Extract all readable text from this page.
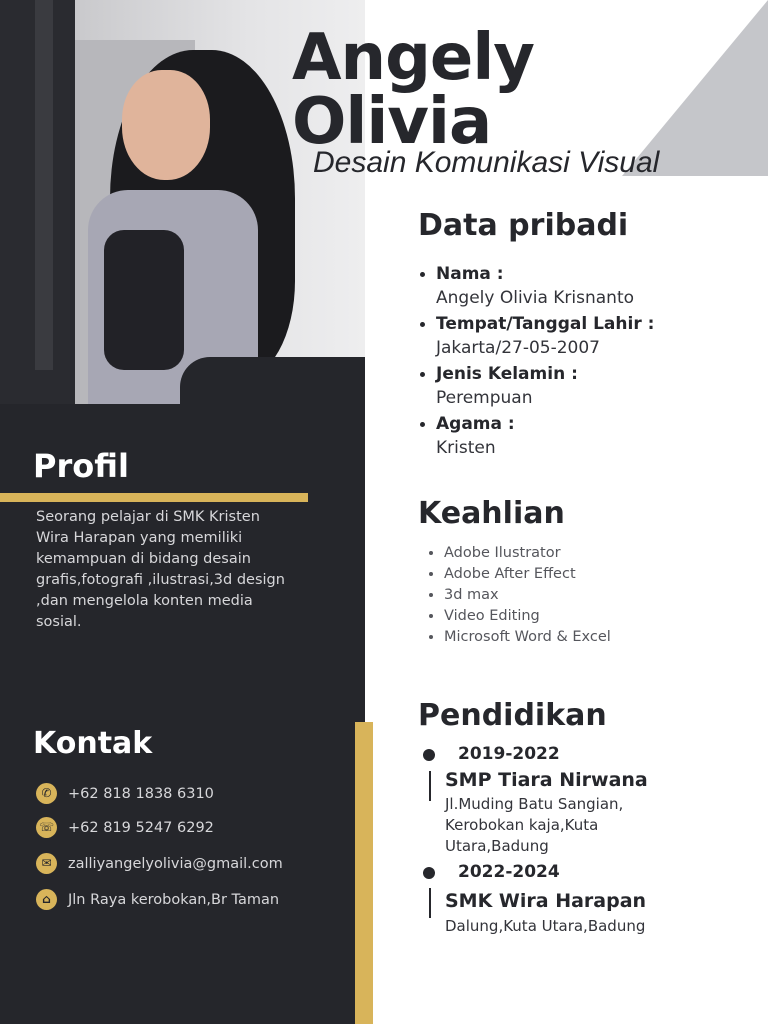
Angely
Olivia
Desain Komunikasi Visual
Data pribadi
Nama :
Angely Olivia Krisnanto
Tempat/Tanggal Lahir :
Jakarta/27-05-2007
Jenis Kelamin :
Perempuan
Agama :
Kristen
Keahlian
Adobe Ilustrator
Adobe After Effect
3d max
Video Editing
Microsoft Word & Excel
Pendidikan
2019-2022
SMP Tiara Nirwana
Jl.Muding Batu Sangian, Kerobokan kaja,Kuta Utara,Badung
2022-2024
SMK Wira Harapan
Dalung,Kuta Utara,Badung
Profil
Seorang pelajar di SMK Kristen Wira Harapan yang memiliki kemampuan di bidang desain grafis,fotografi ,ilustrasi,3d design ,dan mengelola konten media sosial.
Kontak
✆	+62 818 1838 6310
☏ +62 819 5247 6292
✉	zalliyangelyolivia@gmail.com
⌂	Jln Raya kerobokan,Br Taman
